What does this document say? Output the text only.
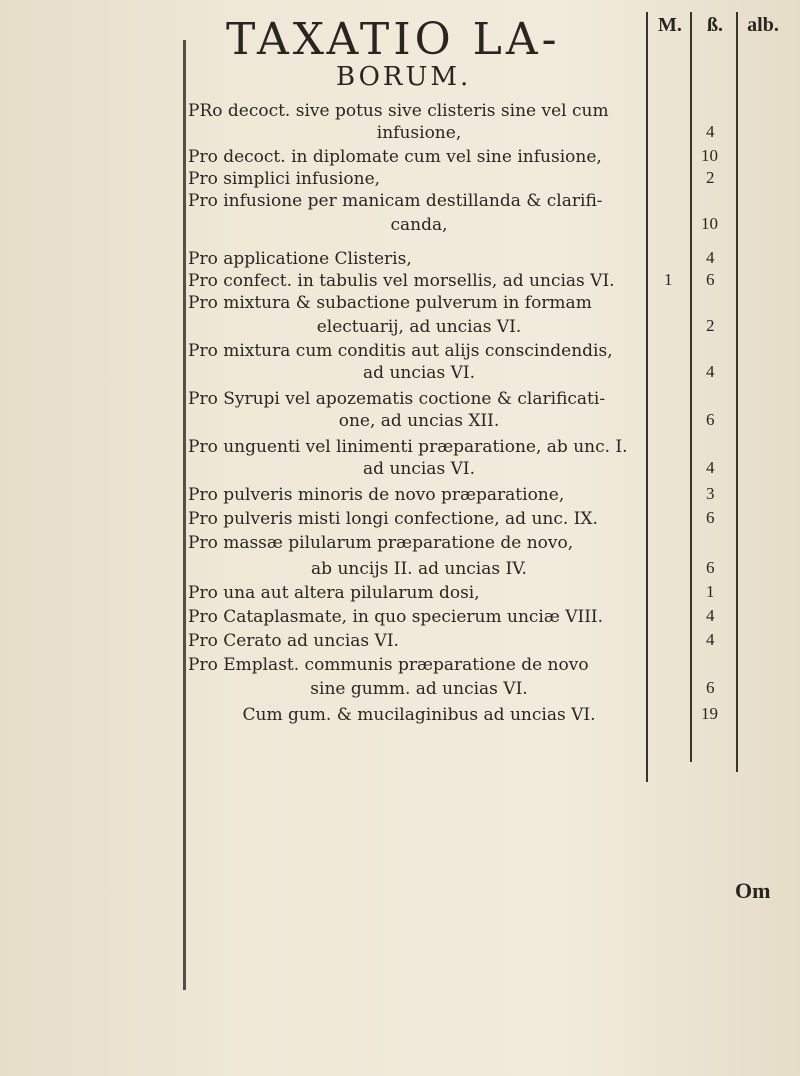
TAXATIO LA-
BORUM.
M.	ß.	alb.
PRo decoct. sive potus sive clisteris sine vel cum
infusione,
Pro decoct. in diplomate cum vel sine infusione,
Pro simplici infusione,
Pro infusione per manicam destillanda & clarifi-
canda,
Pro applicatione Clisteris,
Pro confect. in tabulis vel morsellis, ad uncias VI.
Pro mixtura & subactione pulverum in formam
electuarij, ad uncias VI.
Pro mixtura cum conditis aut alijs conscindendis,
ad uncias VI.
Pro Syrupi vel apozematis coctione & clarificati-
one, ad uncias XII.
Pro unguenti vel linimenti præparatione, ab unc. I.
ad uncias VI.
Pro pulveris minoris de novo præparatione,
Pro pulveris misti longi confectione, ad unc. IX.
Pro massæ pilularum præparatione de novo,
ab uncijs II. ad uncias IV.
Pro una aut altera pilularum dosi,
Pro Cataplasmate, in quo specierum unciæ VIII.
Pro Cerato ad uncias VI.
Pro Emplast. communis præparatione de novo
sine gumm. ad uncias VI.
Cum gum. & mucilaginibus ad uncias VI.
1
4
10
2
10
4
6
2
4
6
4
3
6
6
1
4
4
6
19
Om
